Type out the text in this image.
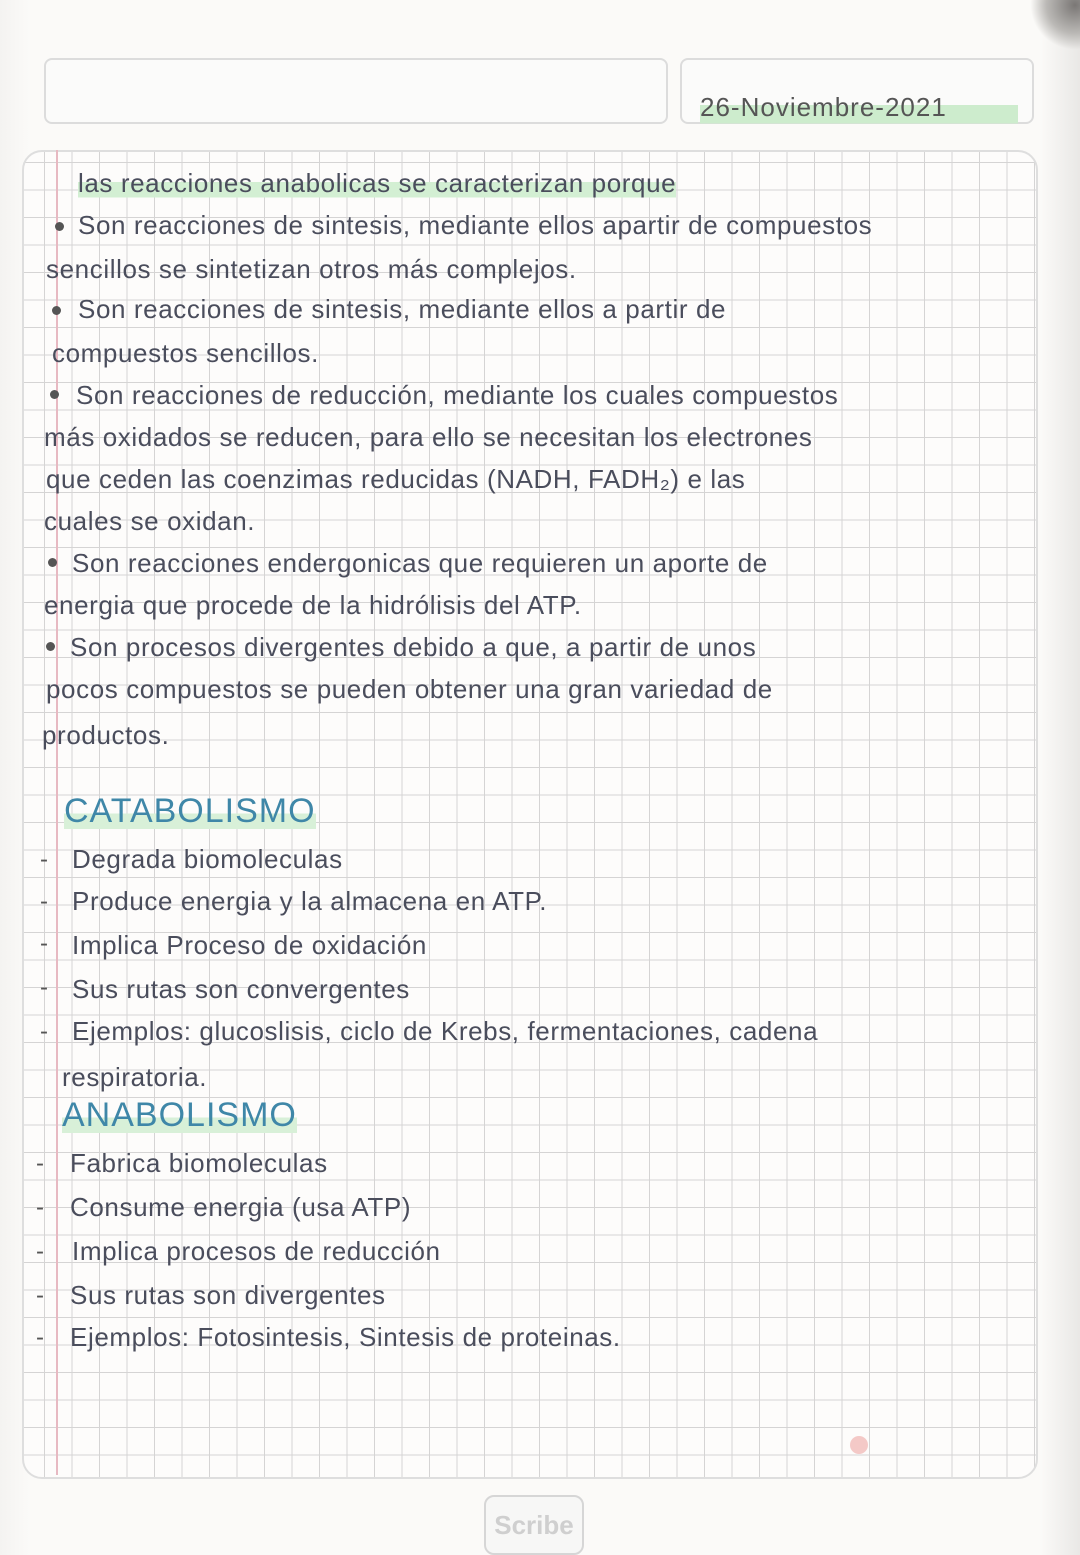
26-Noviembre-2021
las reacciones anabolicas se caracterizan porque
Son reacciones de sintesis, mediante ellos apartir de compuestos
sencillos se sintetizan otros más complejos.
Son reacciones de sintesis, mediante ellos a partir de
compuestos sencillos.
Son reacciones de reducción, mediante los cuales compuestos
más oxidados se reducen, para ello se necesitan los electrones
que ceden las coenzimas reducidas (NADH, FADH₂) e las
cuales se oxidan.
Son reacciones endergonicas que requieren un aporte de
energia que procede de la hidrólisis del ATP.
Son procesos divergentes debido a que, a partir de unos
pocos compuestos se pueden obtener una gran variedad de
productos.
CATABOLISMO
- Degrada biomoleculas
- Produce energia y la almacena en ATP.
- Implica Proceso de oxidación
- Sus rutas son convergentes
- Ejemplos: glucoslisis, ciclo de Krebs, fermentaciones, cadena
respiratoria.
ANABOLISMO
- Fabrica biomoleculas
- Consume energia (usa ATP)
- Implica procesos de reducción
- Sus rutas son divergentes
- Ejemplos: Fotosintesis, Sintesis de proteinas.
Scribe
